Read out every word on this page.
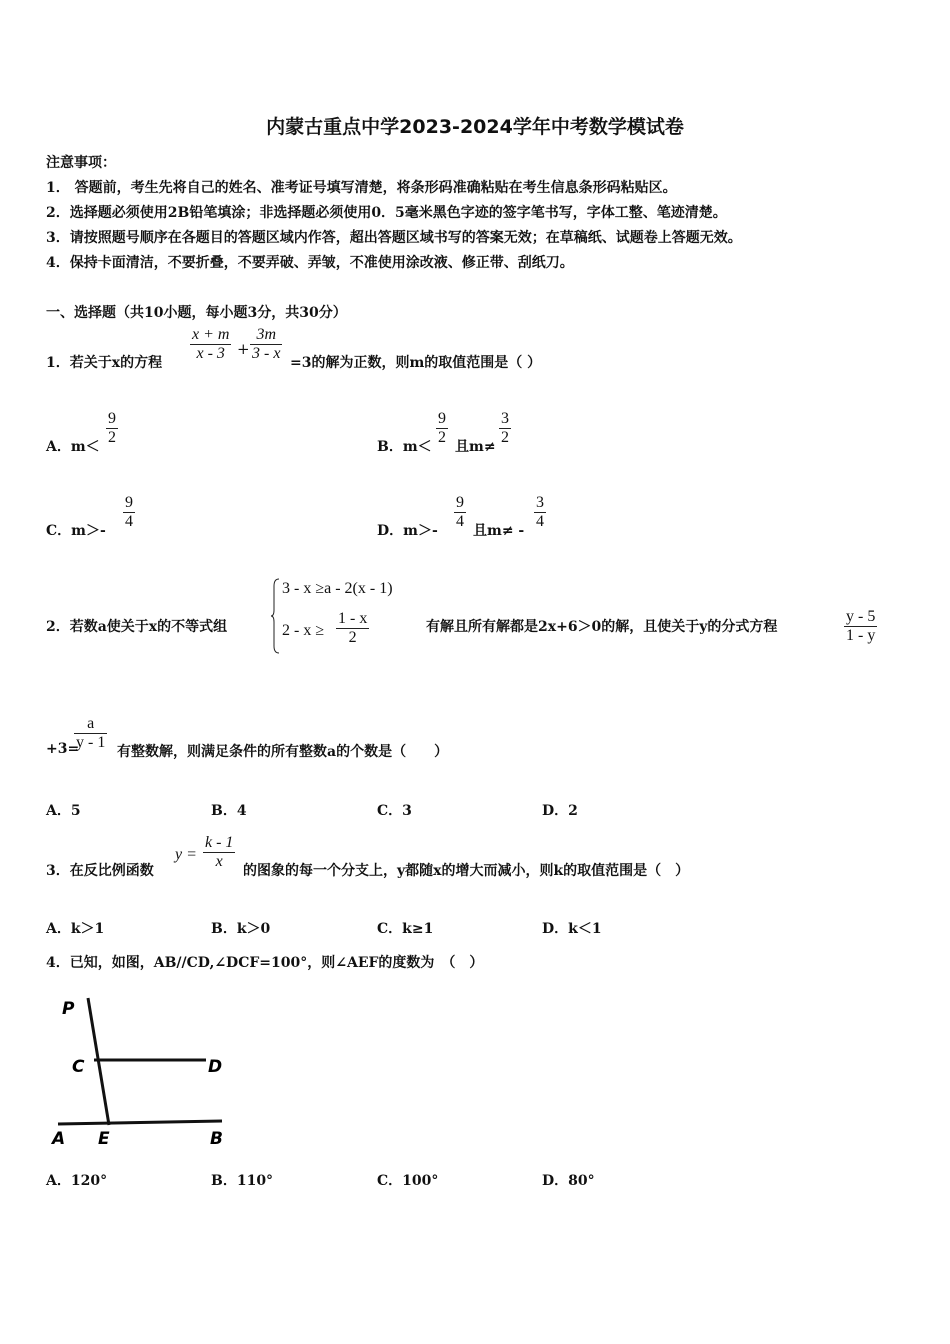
内蒙古重点中学2023-2024学年中考数学模试卷
注意事项：
1． 答题前，考生先将自己的姓名、准考证号填写清楚，将条形码准确粘贴在考生信息条形码粘贴区。
2．选择题必须使用2B铅笔填涂；非选择题必须使用0．5毫米黑色字迹的签字笔书写，字体工整、笔迹清楚。
3．请按照题号顺序在各题目的答题区域内作答，超出答题区域书写的答案无效；在草稿纸、试题卷上答题无效。
4．保持卡面清洁，不要折叠，不要弄破、弄皱，不准使用涂改液、修正带、刮纸刀。
一、选择题（共10小题，每小题3分，共30分）
1．若关于x的方程 $\frac{x + m}{x - 3} + \frac{3m}{3 - x} =3$的解为正数，则m的取值范围是（ ）
A．$m< \frac{9}{2}$	B．$m< \frac{9}{2}$ 且$m\ne \frac{3}{2}$
C．$m>- \frac{9}{4}$	D．$m>- \frac{9}{4}$ 且$m\ne - \frac{3}{4}$
2．若数a使关于x的不等式组
3 - x ≥a - 2(x - 1)
$2 - x \ge \frac{1 - x}{2}$	有解且所有解都是2x+6＞0的解，且使关于y的分式方程	$\frac{y - 5}{1 - y}$
+3=
$\frac{a}{y - 1}$ 有整数解，则满足条件的所有整数a的个数是（　　）
A．5	B．4	C．3	D．2
3．在反比例函数
$y = \frac{k - 1}{x}$ 的图象的每一个分支上，y都随x的增大而减小，则k的取值范围是（　）
A．k＞1	B．k＞0	C．k≥1	D．k＜1
4．已知，如图，AB//CD,∠DCF=100°，则∠AEF的度数为　（　）
P
C	D
A E	B
A．120°	B．110°	C．100°	D．80°
